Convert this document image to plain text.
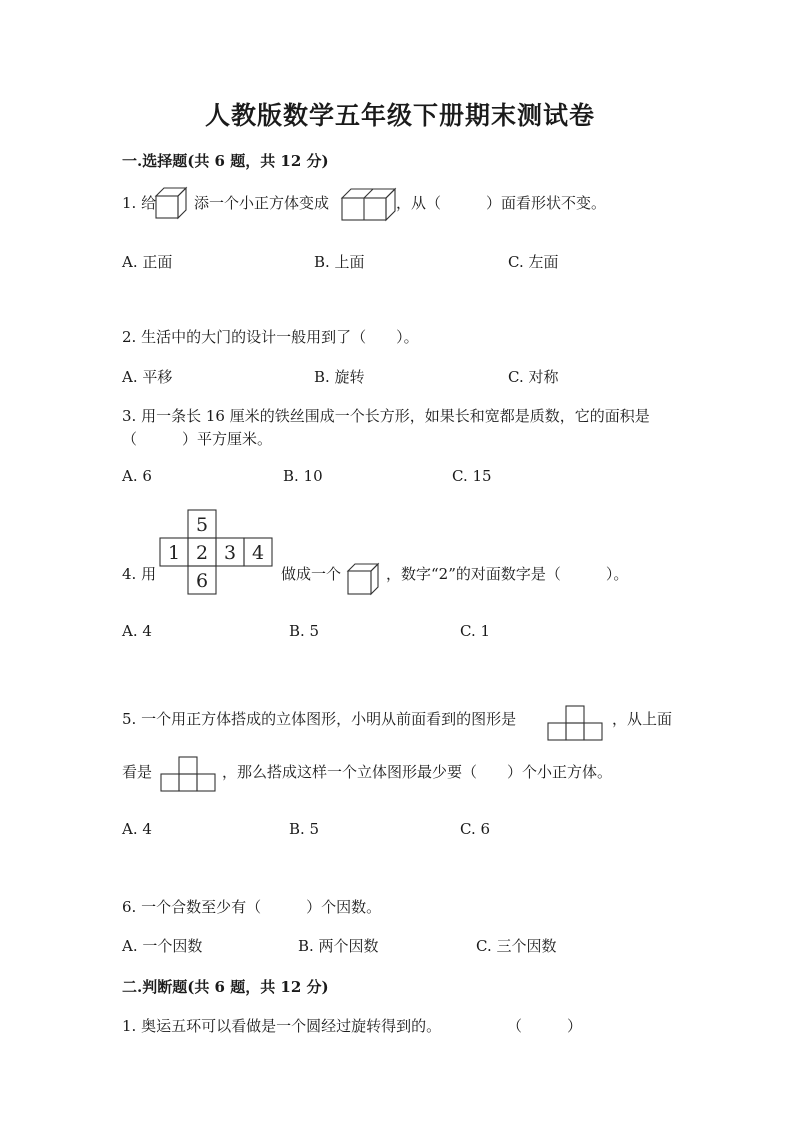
人教版数学五年级下册期末测试卷
一.选择题(共 6 题，共 12 分)
1. 给	添一个小正方体变成	，从（　　　）面看形状不变。
A. 正面	B. 上面	C. 左面
2. 生活中的大门的设计一般用到了（　　）。
A. 平移	B. 旋转	C. 对称
3. 用一条长 16 厘米的铁丝围成一个长方形，如果长和宽都是质数，它的面积是
（　　　）平方厘米。
A. 6	B. 10	C. 15
4. 用
5
1 2 3 4
6	做成一个	，数字“2”的对面数字是（　　　）。
A. 4	B. 5	C. 1
5. 一个用正方体搭成的立体图形，小明从前面看到的图形是	，从上面
看是	，那么搭成这样一个立体图形最少要（　　）个小正方体。
A. 4	B. 5	C. 6
6. 一个合数至少有（　　　）个因数。
A. 一个因数	B. 两个因数	C. 三个因数
二.判断题(共 6 题，共 12 分)
1. 奥运五环可以看做是一个圆经过旋转得到的。	（　　　）
